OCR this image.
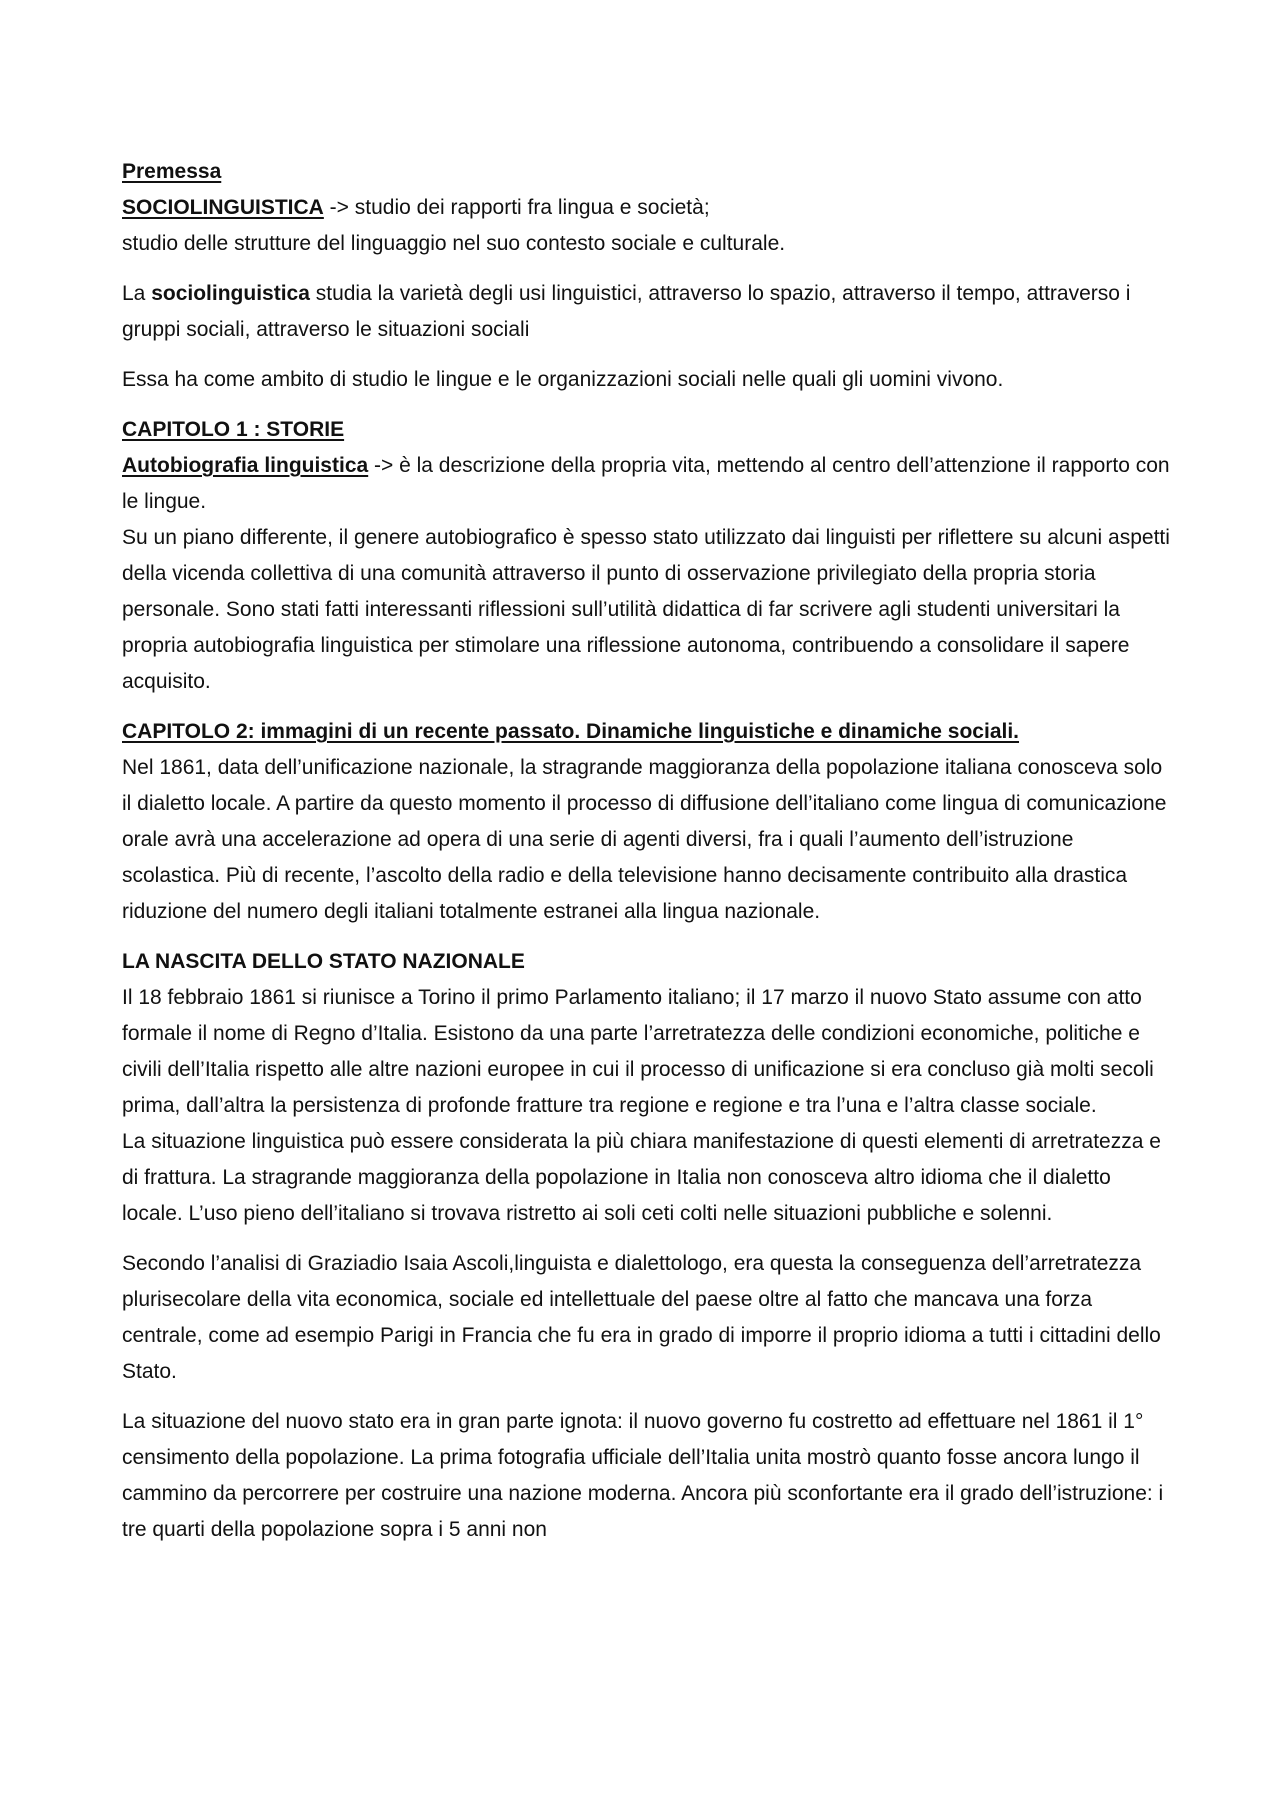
Premessa

SOCIOLINGUISTICA -> studio dei rapporti fra lingua e società;

studio delle strutture del linguaggio nel suo contesto sociale e culturale.

La sociolinguistica studia la varietà degli usi linguistici, attraverso lo spazio, attraverso il tempo, attraverso i gruppi sociali, attraverso le situazioni sociali

Essa ha come ambito di studio le lingue e le organizzazioni sociali nelle quali gli uomini vivono.

CAPITOLO 1 : STORIE

Autobiografia linguistica -> è la descrizione della propria vita, mettendo al centro dell’attenzione il rapporto con le lingue.

Su un piano differente, il genere autobiografico è spesso stato utilizzato dai linguisti per riflettere su alcuni aspetti della vicenda collettiva di una comunità attraverso il punto di osservazione privilegiato della propria storia personale. Sono stati fatti interessanti riflessioni sull’utilità didattica di far scrivere agli studenti universitari la propria autobiografia linguistica per stimolare una riflessione autonoma, contribuendo a consolidare il sapere acquisito.

CAPITOLO 2: immagini di un recente passato. Dinamiche linguistiche e dinamiche sociali.

Nel 1861, data dell’unificazione nazionale, la stragrande maggioranza della popolazione italiana conosceva solo il dialetto locale. A partire da questo momento il processo di diffusione dell’italiano come lingua di comunicazione orale avrà una accelerazione ad opera di una serie di agenti diversi, fra i quali l’aumento dell’istruzione scolastica. Più di recente, l’ascolto della radio e della televisione hanno decisamente contribuito alla drastica riduzione del numero degli italiani totalmente estranei alla lingua nazionale.

LA NASCITA DELLO STATO NAZIONALE

Il 18 febbraio 1861 si riunisce a Torino il primo Parlamento italiano; il 17 marzo il nuovo Stato assume con atto formale il nome di Regno d’Italia. Esistono da una parte l’arretratezza delle condizioni economiche, politiche e civili dell’Italia rispetto alle altre nazioni europee in cui il processo di unificazione si era concluso già molti secoli prima, dall’altra la persistenza di profonde fratture tra regione e regione e tra l’una e l’altra classe sociale.

La situazione linguistica può essere considerata la più chiara manifestazione di questi elementi di arretratezza e di frattura. La stragrande maggioranza della popolazione in Italia non conosceva altro idioma che il dialetto locale. L’uso pieno dell’italiano si trovava ristretto ai soli ceti colti nelle situazioni pubbliche e solenni.

Secondo l’analisi di Graziadio Isaia Ascoli,linguista e dialettologo, era questa la conseguenza dell’arretratezza plurisecolare della vita economica, sociale ed intellettuale del paese oltre al fatto che mancava una forza centrale, come ad esempio Parigi in Francia che fu era in grado di imporre il proprio idioma a tutti i cittadini dello Stato.

La situazione del nuovo stato era in gran parte ignota: il nuovo governo fu costretto ad effettuare nel 1861 il 1° censimento della popolazione. La prima fotografia ufficiale dell’Italia unita mostrò quanto fosse ancora lungo il cammino da percorrere per costruire una nazione moderna. Ancora più sconfortante era il grado dell’istruzione: i tre quarti della popolazione sopra i 5 anni non
